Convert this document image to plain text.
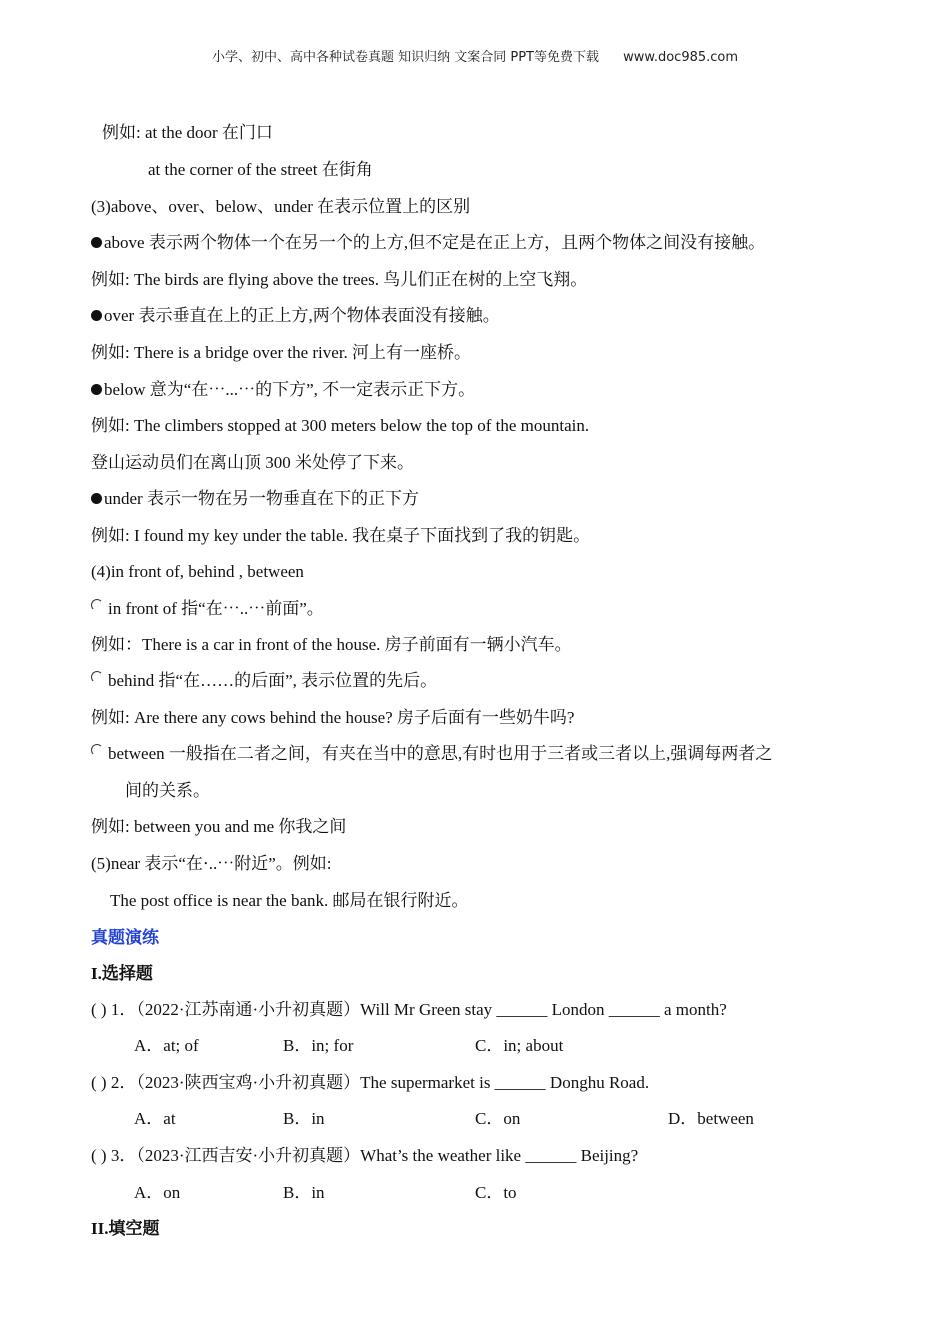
小学、初中、高中各种试卷真题 知识归纳 文案合同 PPT等免费下载 www.doc985.com
例如: at the door 在门口
at the corner of the street 在街角
(3)above、over、below、under 在表示位置上的区别
above 表示两个物体一个在另一个的上方,但不定是在正上方，且两个物体之间没有接触。
例如: The birds are flying above the trees. 鸟儿们正在树的上空飞翔。
over 表示垂直在上的正上方,两个物体表面没有接触。
例如: There is a bridge over the river. 河上有一座桥。
below 意为“在⋯...⋯的下方”, 不一定表示正下方。
例如: The climbers stopped at 300 meters below the top of the mountain.
登山运动员们在离山顶 300 米处停了下来。
under 表示一物在另一物垂直在下的正下方
例如: I found my key under the table. 我在桌子下面找到了我的钥匙。
(4)in front of, behind , between
in front of 指“在⋯..⋯前面”。
例如：There is a car in front of the house. 房子前面有一辆小汽车。
behind 指“在……的后面”, 表示位置的先后。
例如: Are there any cows behind the house? 房子后面有一些奶牛吗?
between 一般指在二者之间，有夹在当中的意思,有时也用于三者或三者以上,强调每两者之
间的关系。
例如: between you and me 你我之间
(5)near 表示“在⋅..⋯附近”。例如:
The post office is near the bank. 邮局在银行附近。
真题演练
I.选择题
( ) 1．（2022·江苏南通·小升初真题）Will Mr Green stay ______ London ______ a month?
A．at; of	B．in; for	C．in; about
( ) 2．（2023·陕西宝鸡·小升初真题）The supermarket is ______ Donghu Road.
A．at	B．in	C．on	D．between
( ) 3．（2023·江西吉安·小升初真题）What’s the weather like ______ Beijing?
A．on	B．in	C．to
II.填空题
